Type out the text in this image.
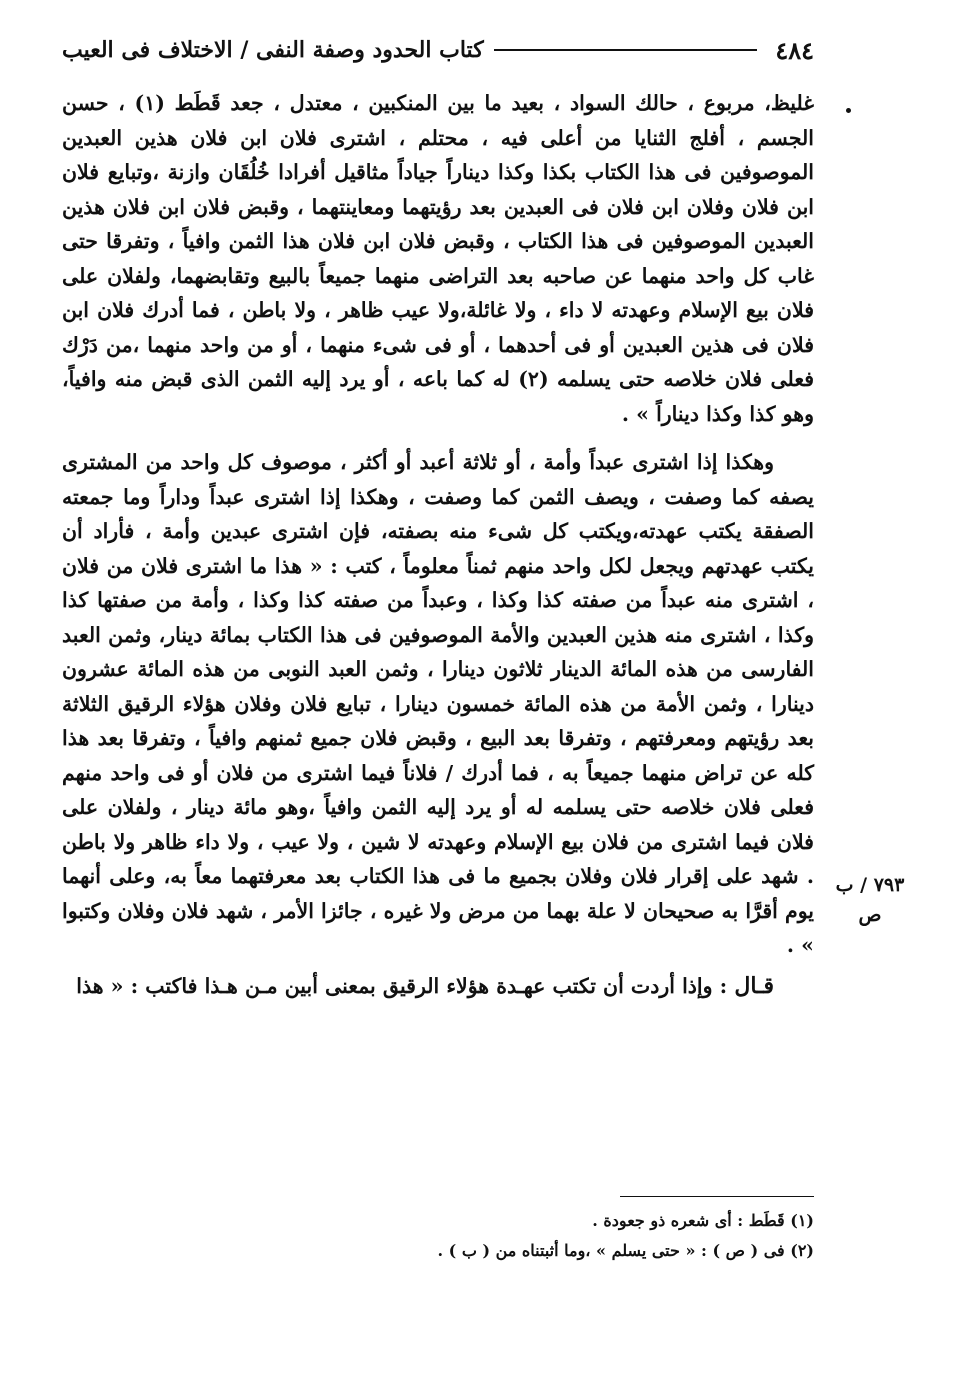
٤٨٤
كتاب الحدود وصفة النفى / الاختلاف فى العيب
٧٩٣ / ب
ص

غليظ، مربوع ، حالك السواد ، بعيد ما بين المنكبين ، معتدل ، جعد قَطَط (١) ، حسن الجسم ، أفلج الثنايا من أعلى فيه ، محتلم ، اشترى فلان ابن فلان هذين العبدين الموصوفين فى هذا الكتاب بكذا وكذا ديناراً جياداً مثاقيل أفرادا خُلُقَان وازنة ،وتبايع فلان ابن فلان وفلان ابن فلان فى العبدين بعد رؤيتهما ومعاينتهما ، وقبض فلان ابن فلان هذين العبدين الموصوفين فى هذا الكتاب ، وقبض فلان ابن فلان هذا الثمن وافياً ، وتفرقا حتى غاب كل واحد منهما عن صاحبه بعد التراضى منهما جميعاً بالبيع وتقابضهما، ولفلان على فلان بيع الإسلام وعهدته لا داء ، ولا غائلة،ولا عيب ظاهر ، ولا باطن ، فما أدرك فلان ابن فلان فى هذين العبدين أو فى أحدهما ، أو فى شىء منهما ، أو من واحد منهما ،من دَرْك فعلى فلان خلاصه حتى يسلمه (٢) له كما باعه ، أو يرد إليه الثمن الذى قبض منه وافياً، وهو كذا وكذا ديناراً » .

وهكذا إذا اشترى عبداً وأمة ، أو ثلاثة أعبد أو أكثر ، موصوف كل واحد من المشترى يصفه كما وصفت ، ويصف الثمن كما وصفت ، وهكذا إذا اشترى عبداً وداراً وما جمعته الصفقة يكتب عهدته،ويكتب كل شىء منه بصفته، فإن اشترى عبدين وأمة ، فأراد أن يكتب عهدتهم ويجعل لكل واحد منهم ثمناً معلوماً ، كتب : « هذا ما اشترى فلان من فلان ، اشترى منه عبداً من صفته كذا وكذا ، وعبداً من صفته كذا وكذا ، وأمة من صفتها كذا وكذا ، اشترى منه هذين العبدين والأمة الموصوفين فى هذا الكتاب بمائة دينار، وثمن العبد الفارسى من هذه المائة الدينار ثلاثون دينارا ، وثمن العبد النوبى من هذه المائة عشرون دينارا ، وثمن الأمة من هذه المائة خمسون دينارا ، تبايع فلان وفلان هؤلاء الرقيق الثلاثة بعد رؤيتهم ومعرفتهم ، وتفرقا بعد البيع ، وقبض فلان جميع ثمنهم وافياً ، وتفرقا بعد هذا كله عن تراض منهما جميعاً به ، فما أدرك / فلاناً فيما اشترى من فلان أو فى واحد منهم فعلى فلان خلاصه حتى يسلمه له أو يرد إليه الثمن وافياً ،وهو مائة دينار ، ولفلان على فلان فيما اشترى من فلان بيع الإسلام وعهدته لا شين ، ولا عيب ، ولا داء ظاهر ولا باطن . شهد على إقرار فلان وفلان بجميع ما فى هذا الكتاب بعد معرفتهما معاً به، وعلى أنهما يوم أقرَّا به صحيحان لا علة بهما من مرض ولا غيره ، جائزا الأمر ، شهد فلان وفلان وكتبوا » .

قـال : وإذا أردت أن تكتب عهـدة هؤلاء الرقيق بمعنى أبين مـن هـذا فاكتب : « هذا

(١) قَطَط : أى شعره ذو جعودة .
(٢) فى ( ص ) : « حتى يسلم » ،وما أثبتناه من ( ب ) .
